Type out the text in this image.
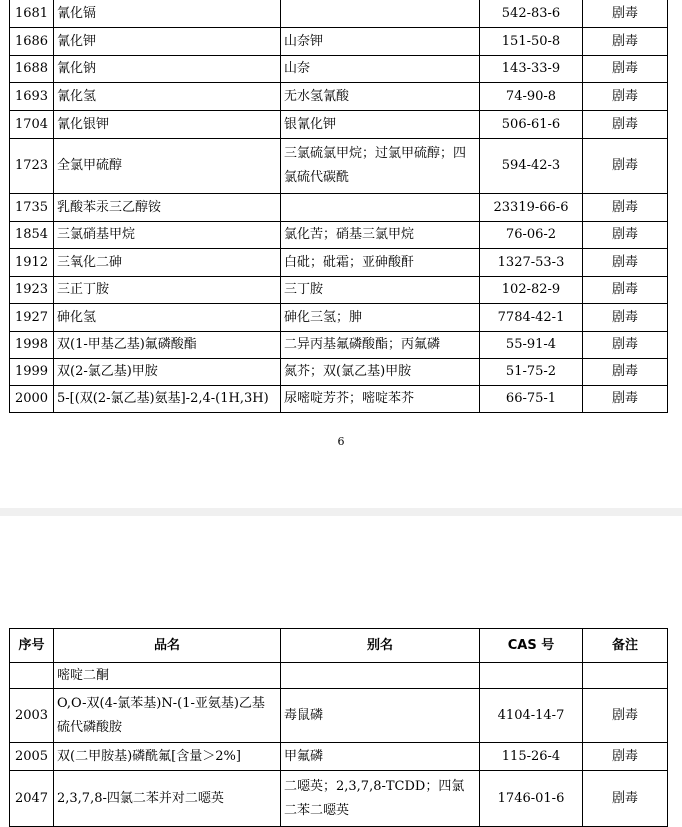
1681	氰化镉		542-83-6	剧毒
1686	氰化钾	山奈钾	151-50-8	剧毒
1688	氰化钠	山奈	143-33-9	剧毒
1693	氰化氢	无水氢氰酸	74-90-8	剧毒
1704	氰化银钾	银氰化钾	506-61-6	剧毒
1723	全氯甲硫醇	三氯硫氯甲烷；过氯甲硫醇；四氯硫代碳酰	594-42-3	剧毒
1735	乳酸苯汞三乙醇铵		23319-66-6	剧毒
1854	三氯硝基甲烷	氯化苦；硝基三氯甲烷	76-06-2	剧毒
1912	三氧化二砷	白砒；砒霜；亚砷酸酐	1327-53-3	剧毒
1923	三正丁胺	三丁胺	102-82-9	剧毒
1927	砷化氢	砷化三氢；胂	7784-42-1	剧毒
1998	双(1-甲基乙基)氟磷酸酯	二异丙基氟磷酸酯；丙氟磷	55-91-4	剧毒
1999	双(2-氯乙基)甲胺	氮芥；双(氯乙基)甲胺	51-75-2	剧毒
2000	5-[(双(2-氯乙基)氨基]-2,4-(1H,3H)	尿嘧啶芳芥；嘧啶苯芥	66-75-1	剧毒
6
序号	品名	别名	CAS 号	备注
	嘧啶二酮			
2003	O,O-双(4-氯苯基)N-(1-亚氨基)乙基硫代磷酸胺	毒鼠磷	4104-14-7	剧毒
2005	双(二甲胺基)磷酰氟[含量＞2%]	甲氟磷	115-26-4	剧毒
2047	2,3,7,8-四氯二苯并对二噁英	二噁英；2,3,7,8-TCDD；四氯二苯二噁英	1746-01-6	剧毒
